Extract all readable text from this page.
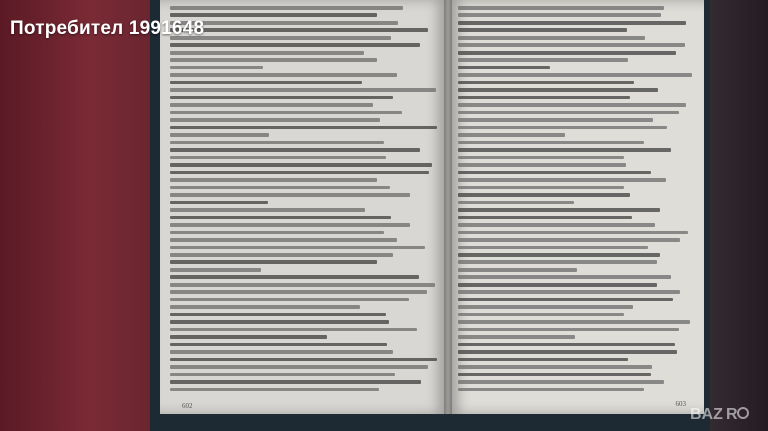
602	603
Потребител 1991648
BAZ R
